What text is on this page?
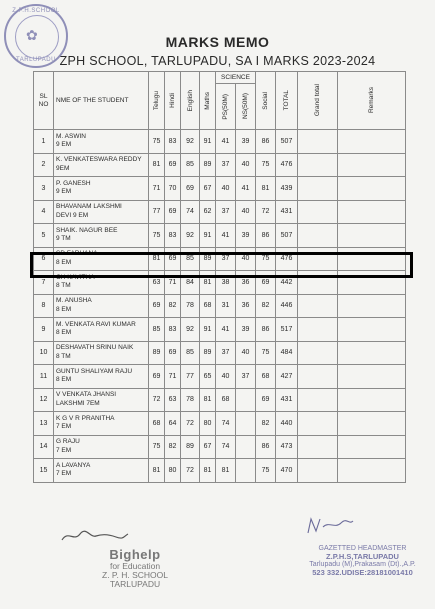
Z.P.H.SCHOOL
✿
TARLUPADU
MARKS MEMO
ZPH SCHOOL, TARLUPADU, SA I MARKS 2023-2024
SL NO	NME OF THE STUDENT	Telugu	Hindi	English	Maths	SCIENCE		Social	TOTAL	Grand total	Remarks

						PS(50M)	NS(50M)				

1	M. ASWIN
9 EM	75	83	92	91	41	39	86	507		
2	K. VENKATESWARA REDDY
9EM	81	69	85	89	37	40	75	476		
3	P. GANESH
9 EM	71	70	69	67	40	41	81	439		
4	BHAVANAM LAKSHMI
DEVI 9 EM	77	69	74	62	37	40	72	431		
5	SHAIK. NAGUR BEE
9 TM	75	83	92	91	41	39	86	507		
6	SD FARHANA
8 EM	81	69	85	89	37	40	75	476		
7	CH KAVITHA
8 TM	63	71	84	81	38	36	69	442		
8	M. ANUSHA
8 EM	69	82	78	68	31	36	82	446		
9	M. VENKATA RAVI KUMAR
8 EM	85	83	92	91	41	39	86	517		
10	DESHAVATH SRINU NAIK
8 TM	89	69	85	89	37	40	75	484		
11	GUNTU SHALIYAM RAJU
8 EM	69	71	77	65	40	37	68	427		
12	V VENKATA JHANSI
LAKSHMI 7EM	72	63	78	81	68		69	431		
13	K G V R PRANITHA
7 EM	68	64	72	80	74		82	440		
14	G RAJU
7 EM	75	82	89	67	74		86	473		
15	A LAVANYA
7 EM	81	80	72	81	81		75	470		
Bighelp
for Education
Z. P. H. SCHOOL
TARLUPADU
GAZETTED HEADMASTER
Z.P.H.S,TARLUPADU
Tarlupadu (M),Prakasam (Dt).,A.P.
523 332.UDISE:28181001410
